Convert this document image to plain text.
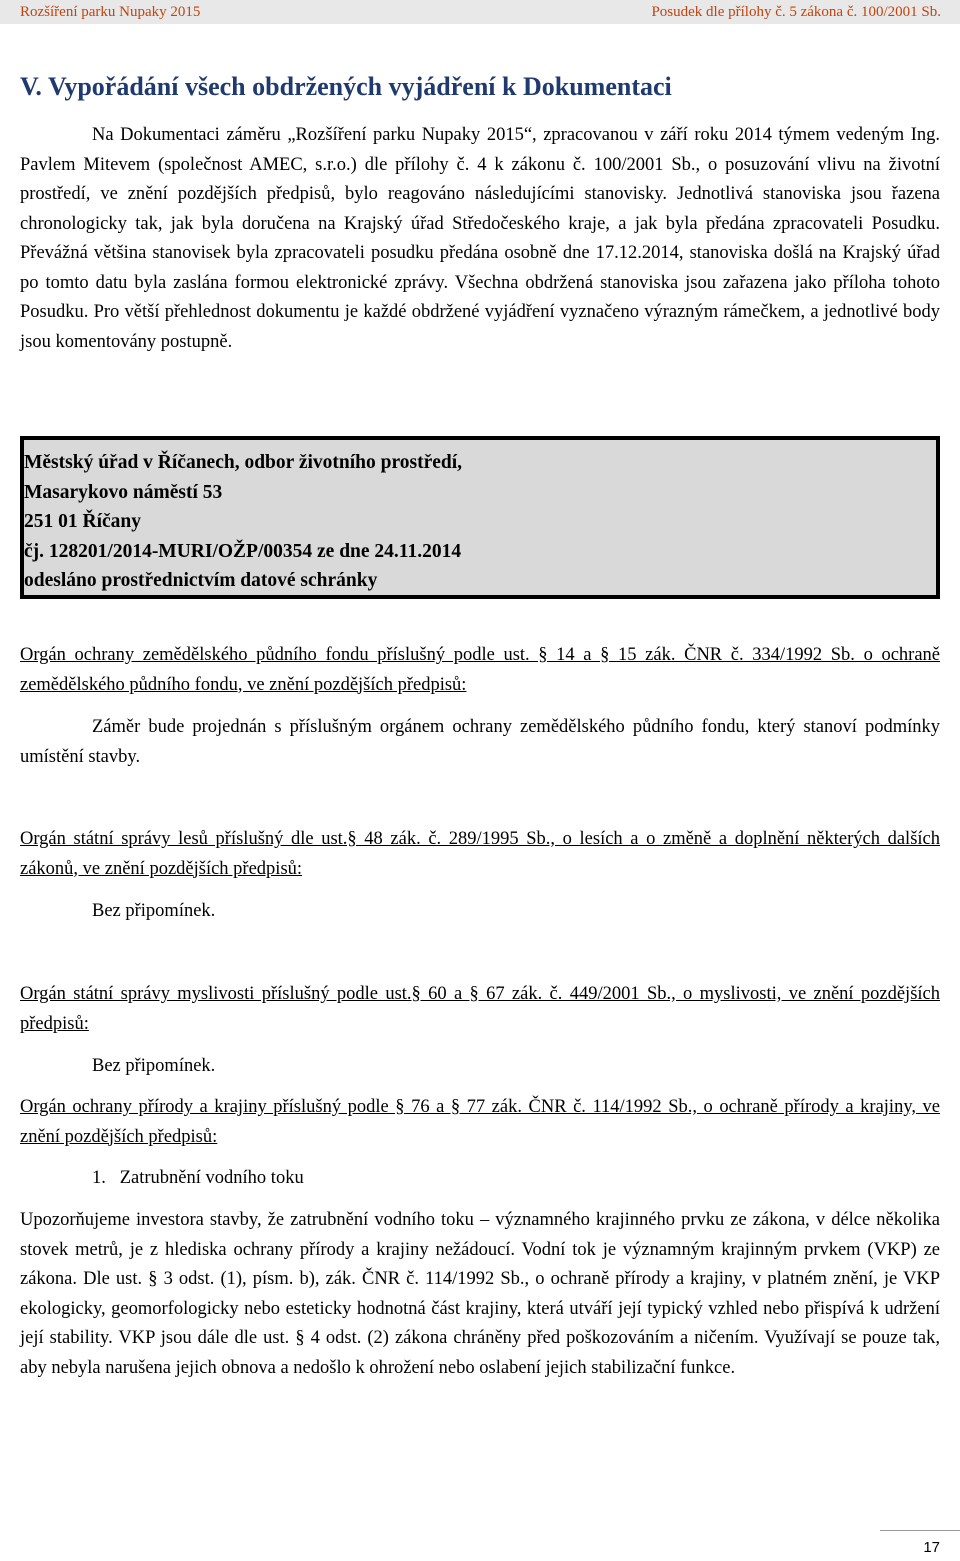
Rozšíření parku Nupaky 2015	Posudek dle přílohy č. 5 zákona č. 100/2001 Sb.
V. Vypořádání všech obdržených vyjádření k Dokumentaci

Na Dokumentaci záměru „Rozšíření parku Nupaky 2015“, zpracovanou v září roku 2014 týmem vedeným Ing. Pavlem Mitevem (společnost AMEC, s.r.o.) dle přílohy č. 4 k zákonu č. 100/2001 Sb., o posuzování vlivu na životní prostředí, ve znění pozdějších předpisů, bylo reagováno následujícími stanovisky. Jednotlivá stanoviska jsou řazena chronologicky tak, jak byla doručena na Krajský úřad Středočeského kraje, a jak byla předána zpracovateli Posudku. Převážná většina stanovisek byla zpracovateli posudku předána osobně dne 17.12.2014, stanoviska došlá na Krajský úřad po tomto datu byla zaslána formou elektronické zprávy. Všechna obdržená stanoviska jsou zařazena jako příloha tohoto Posudku. Pro větší přehlednost dokumentu je každé obdržené vyjádření vyznačeno výrazným rámečkem, a jednotlivé body jsou komentovány postupně.

Městský úřad v Říčanech, odbor životního prostředí,
Masarykovo náměstí 53
251 01 Říčany
čj. 128201/2014-MURI/OŽP/00354 ze dne 24.11.2014
odesláno prostřednictvím datové schránky

Orgán ochrany zemědělského půdního fondu příslušný podle ust. § 14 a § 15 zák. ČNR č. 334/1992 Sb. o ochraně zemědělského půdního fondu, ve znění pozdějších předpisů:

Záměr bude projednán s příslušným orgánem ochrany zemědělského půdního fondu, který stanoví podmínky umístění stavby.

Orgán státní správy lesů příslušný dle ust.§ 48 zák. č. 289/1995 Sb., o lesích a o změně a doplnění některých dalších zákonů, ve znění pozdějších předpisů:

Bez připomínek.

Orgán státní správy myslivosti příslušný podle ust.§ 60 a § 67 zák. č. 449/2001 Sb., o myslivosti, ve znění pozdějších předpisů:

Bez připomínek.

Orgán ochrany přírody a krajiny příslušný podle § 76 a § 77 zák. ČNR č. 114/1992 Sb., o ochraně přírody a krajiny, ve znění pozdějších předpisů:

1.   Zatrubnění vodního toku

Upozorňujeme investora stavby, že zatrubnění vodního toku – významného krajinného prvku ze zákona, v délce několika stovek metrů, je z hlediska ochrany přírody a krajiny nežádoucí. Vodní tok je významným krajinným prvkem (VKP) ze zákona. Dle ust. § 3 odst. (1), písm. b), zák. ČNR č. 114/1992 Sb., o ochraně přírody a krajiny, v platném znění, je VKP ekologicky, geomorfologicky nebo esteticky hodnotná část krajiny, která utváří její typický vzhled nebo přispívá k udržení její stability. VKP jsou dále dle ust. § 4 odst. (2) zákona chráněny před poškozováním a ničením. Využívají se pouze tak, aby nebyla narušena jejich obnova a nedošlo k ohrožení nebo oslabení jejich stabilizační funkce.

17
